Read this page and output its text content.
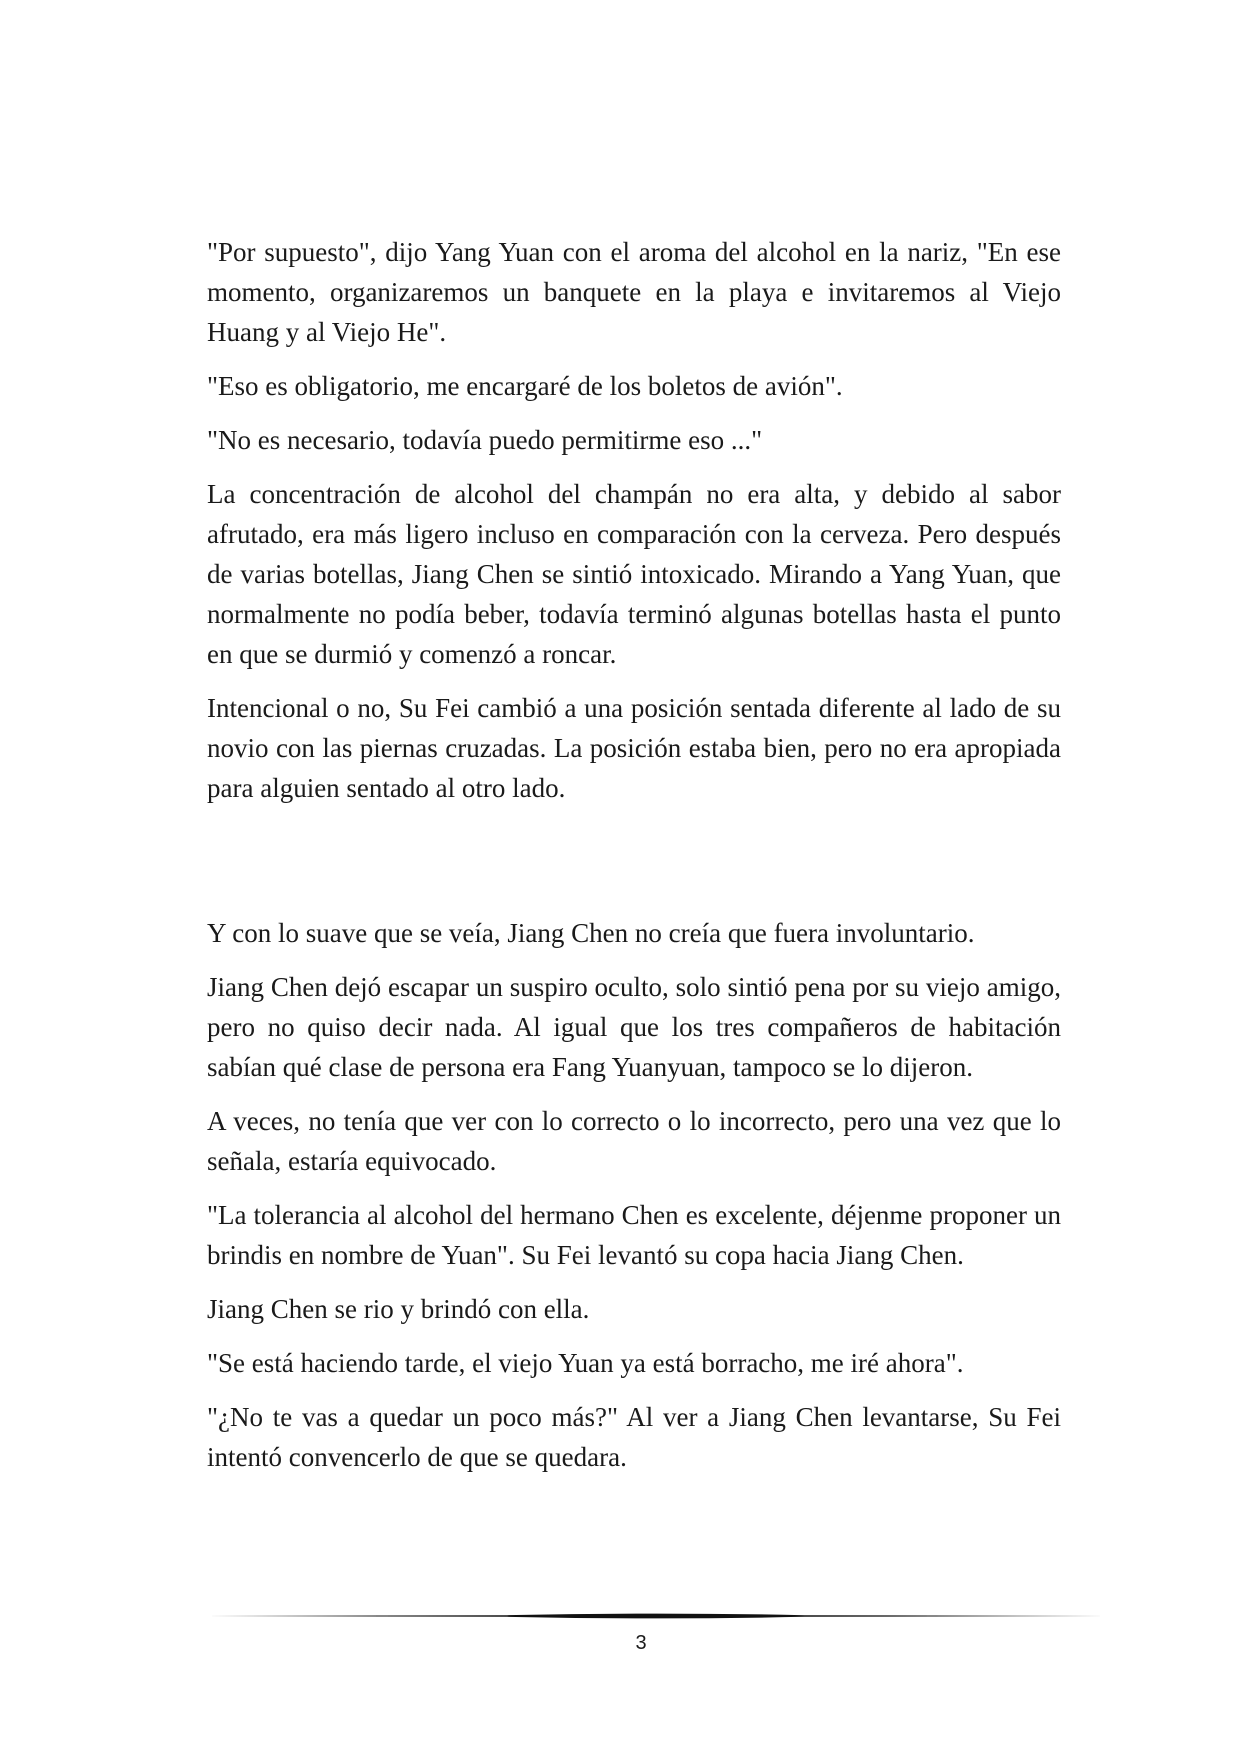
"Por supuesto", dijo Yang Yuan con el aroma del alcohol en la nariz, "En ese momento, organizaremos un banquete en la playa e invitaremos al Viejo Huang y al Viejo He".

"Eso es obligatorio, me encargaré de los boletos de avión".

"No es necesario, todavía puedo permitirme eso ..."

La concentración de alcohol del champán no era alta, y debido al sabor afrutado, era más ligero incluso en comparación con la cerveza. Pero después de varias botellas, Jiang Chen se sintió intoxicado. Mirando a Yang Yuan, que normalmente no podía beber, todavía terminó algunas botellas hasta el punto en que se durmió y comenzó a roncar.

Intencional o no, Su Fei cambió a una posición sentada diferente al lado de su novio con las piernas cruzadas. La posición estaba bien, pero no era apropiada para alguien sentado al otro lado.

Y con lo suave que se veía, Jiang Chen no creía que fuera involuntario.

Jiang Chen dejó escapar un suspiro oculto, solo sintió pena por su viejo amigo, pero no quiso decir nada. Al igual que los tres compañeros de habitación sabían qué clase de persona era Fang Yuanyuan, tampoco se lo dijeron.

A veces, no tenía que ver con lo correcto o lo incorrecto, pero una vez que lo señala, estaría equivocado.

"La tolerancia al alcohol del hermano Chen es excelente, déjenme proponer un brindis en nombre de Yuan". Su Fei levantó su copa hacia Jiang Chen.

Jiang Chen se rio y brindó con ella.

"Se está haciendo tarde, el viejo Yuan ya está borracho, me iré ahora".

"¿No te vas a quedar un poco más?" Al ver a Jiang Chen levantarse, Su Fei intentó convencerlo de que se quedara.

3
